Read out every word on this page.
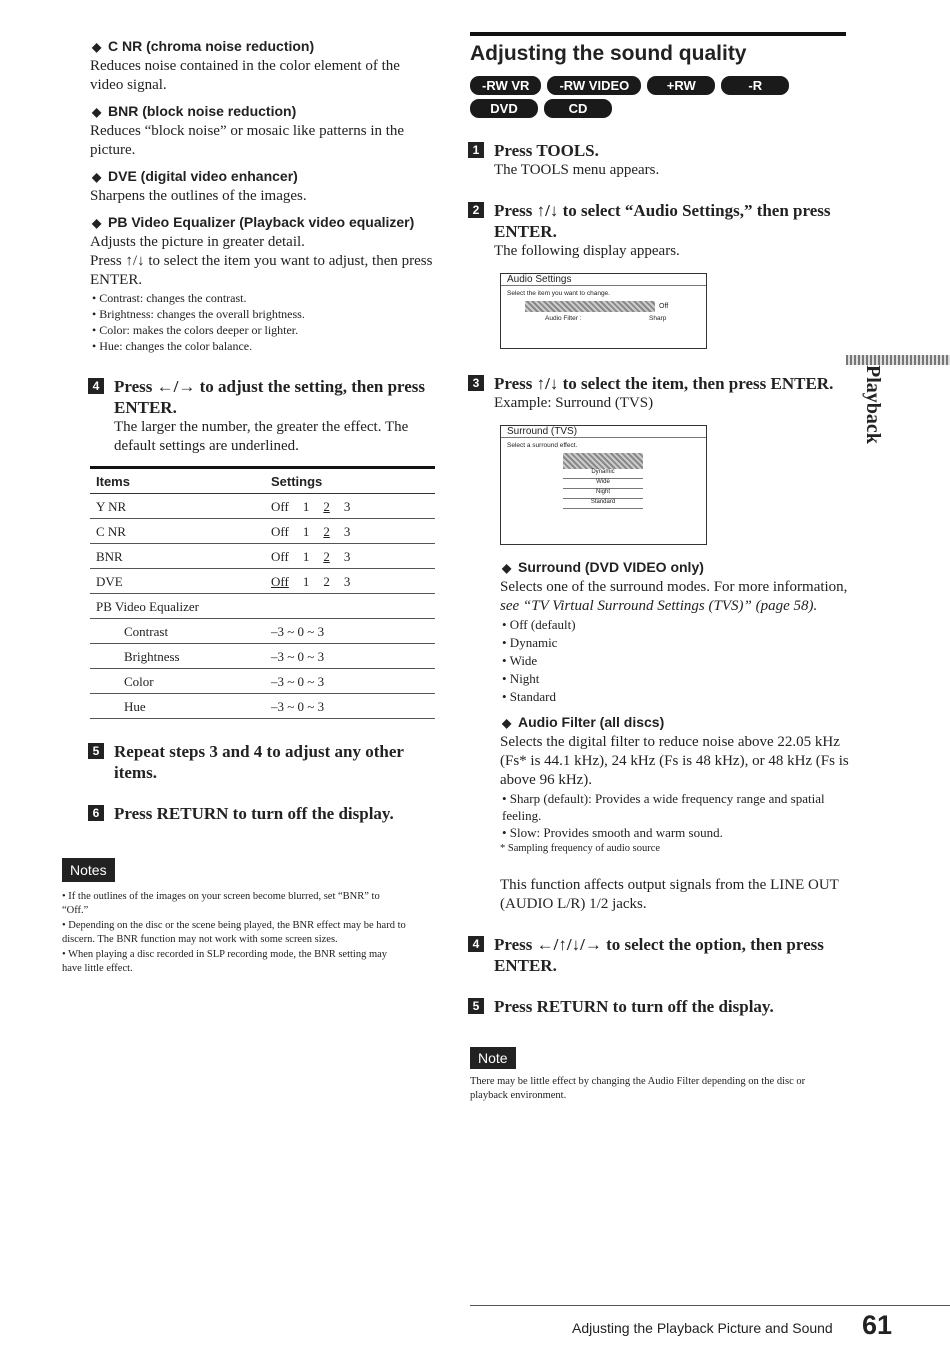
◆ C NR (chroma noise reduction)

Reduces noise contained in the color element of the video signal.

◆ BNR (block noise reduction)

Reduces “block noise” or mosaic like patterns in the picture.

◆ DVE (digital video enhancer)

Sharpens the outlines of the images.

◆ PB Video Equalizer (Playback video equalizer)

Adjusts the picture in greater detail.

Press ↑/↓ to select the item you want to adjust, then press ENTER.

• Contrast: changes the contrast.
• Brightness: changes the overall brightness.
• Color: makes the colors deeper or lighter.
• Hue: changes the color balance.
4 Press ←/→ to adjust the setting, then press ENTER.
The larger the number, the greater the effect. The default settings are underlined.
Items	Settings
Y NR	Off 1 2 3
C NR	Off 1 2 3
BNR	Off 1 2 3
DVE	Off 1 2 3
PB Video Equalizer	
Contrast	–3 ~ 0 ~ 3
Brightness	–3 ~ 0 ~ 3
Color	–3 ~ 0 ~ 3
Hue	–3 ~ 0 ~ 3
5 Repeat steps 3 and 4 to adjust any other items.
6 Press RETURN to turn off the display.
Notes
• If the outlines of the images on your screen become blurred, set “BNR” to “Off.”
• Depending on the disc or the scene being played, the BNR effect may be hard to discern. The BNR function may not work with some screen sizes.
• When playing a disc recorded in SLP recording mode, the BNR setting may have little effect.
Adjusting the sound quality
-RW VR	-RW VIDEO	+RW	-R
DVD	CD
1 Press TOOLS.
The TOOLS menu appears.
2 Press ↑/↓ to select “Audio Settings,” then press ENTER.
The following display appears.
Audio Settings
Select the item you want to change.
Off
Audio Filter :	Sharp
3 Press ↑/↓ to select the item, then press ENTER.
Example: Surround (TVS)
Surround (TVS)
Select a surround effect.
Dynamic
Wide
Night
Standard
◆ Surround (DVD VIDEO only)

Selects one of the surround modes. For more information, see “TV Virtual Surround Settings (TVS)” (page 58).

• Off (default)
• Dynamic
• Wide
• Night
• Standard
◆ Audio Filter (all discs)

Selects the digital filter to reduce noise above 22.05 kHz (Fs* is 44.1 kHz), 24 kHz (Fs is 48 kHz), or 48 kHz (Fs is above 96 kHz).

• Sharp (default): Provides a wide frequency range and spatial feeling.
• Slow: Provides smooth and warm sound.
* Sampling frequency of audio source

This function affects output signals from the LINE OUT (AUDIO L/R) 1/2 jacks.

4 Press ←/↑/↓/→ to select the option, then press ENTER.
5 Press RETURN to turn off the display.
Note
There may be little effect by changing the Audio Filter depending on the disc or playback environment.
Playback
Adjusting the Playback Picture and Sound 61
